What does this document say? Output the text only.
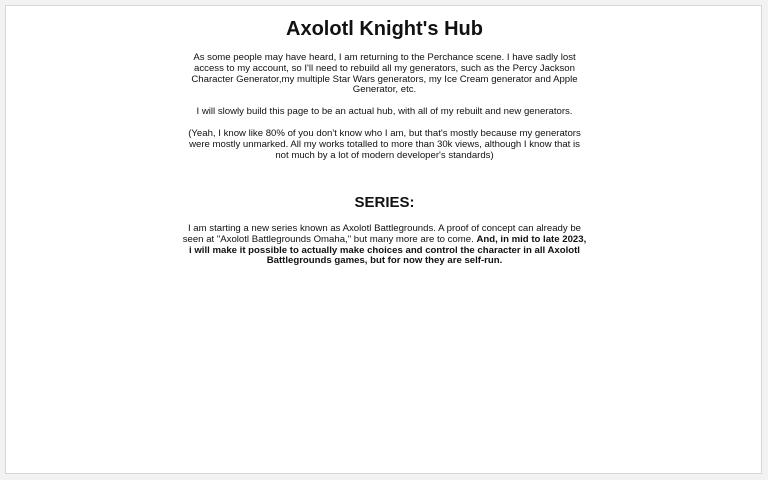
Axolotl Knight's Hub

As some people may have heard, I am returning to the Perchance scene. I have sadly lost access to my account, so I'll need to rebuild all my generators, such as the Percy Jackson Character Generator,my multiple Star Wars generators, my Ice Cream generator and Apple Generator, etc.

I will slowly build this page to be an actual hub, with all of my rebuilt and new generators.

(Yeah, I know like 80% of you don't know who I am, but that's mostly because my generators were mostly unmarked. All my works totalled to more than 30k views, although I know that is not much by a lot of modern developer's standards)

SERIES:

I am starting a new series known as Axolotl Battlegrounds. A proof of concept can already be seen at "Axolotl Battlegrounds Omaha," but many more are to come. And, in mid to late 2023, i will make it possible to actually make choices and control the character in all Axolotl Battlegrounds games, but for now they are self-run.
